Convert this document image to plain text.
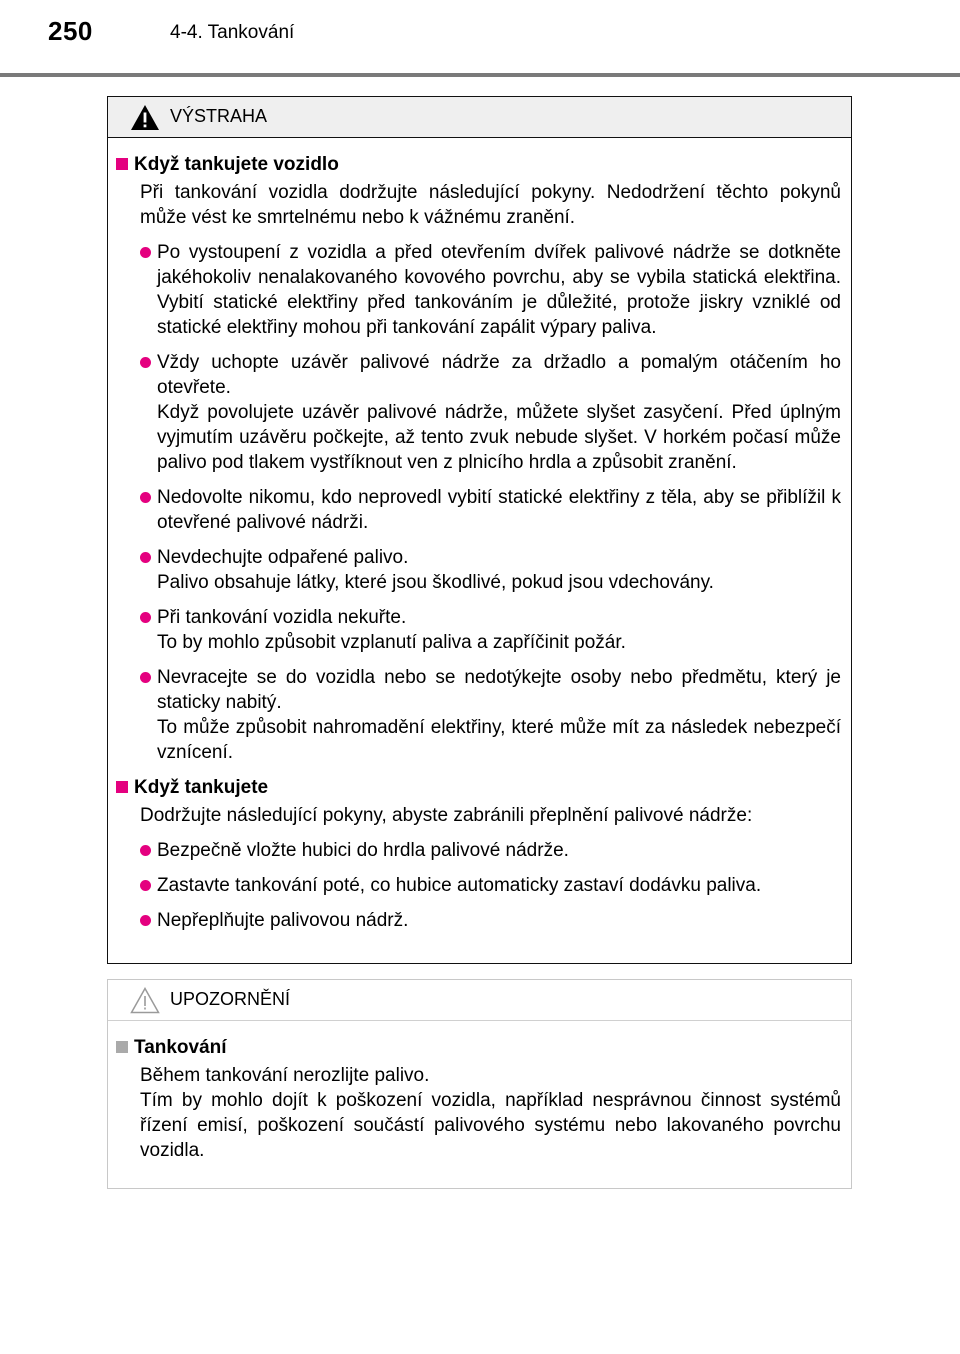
250	4-4. Tankování
VÝSTRAHA
Když tankujete vozidlo
Při tankování vozidla dodržujte následující pokyny. Nedodržení těchto pokynů může vést ke smrtelnému nebo k vážnému zranění.
Po vystoupení z vozidla a před otevřením dvířek palivové nádrže se dotkněte jakéhokoliv nenalakovaného kovového povrchu, aby se vybila statická elektřina. Vybití statické elektřiny před tankováním je důležité, protože jiskry vzniklé od statické elektřiny mohou při tankování zapálit výpary paliva.
Vždy uchopte uzávěr palivové nádrže za držadlo a pomalým otáčením ho otevřete.
Když povolujete uzávěr palivové nádrže, můžete slyšet zasyčení. Před úplným vyjmutím uzávěru počkejte, až tento zvuk nebude slyšet. V horkém počasí může palivo pod tlakem vystříknout ven z plnicího hrdla a způsobit zranění.
Nedovolte nikomu, kdo neprovedl vybití statické elektřiny z těla, aby se přiblížil k otevřené palivové nádrži.
Nevdechujte odpařené palivo.
Palivo obsahuje látky, které jsou škodlivé, pokud jsou vdechovány.
Při tankování vozidla nekuřte.
To by mohlo způsobit vzplanutí paliva a zapříčinit požár.
Nevracejte se do vozidla nebo se nedotýkejte osoby nebo předmětu, který je staticky nabitý.
To může způsobit nahromadění elektřiny, které může mít za následek nebezpečí vznícení.
Když tankujete
Dodržujte následující pokyny, abyste zabránili přeplnění palivové nádrže:
Bezpečně vložte hubici do hrdla palivové nádrže.
Zastavte tankování poté, co hubice automaticky zastaví dodávku paliva.
Nepřeplňujte palivovou nádrž.
UPOZORNĚNÍ
Tankování
Během tankování nerozlijte palivo.
Tím by mohlo dojít k poškození vozidla, například nesprávnou činnost systémů řízení emisí, poškození součástí palivového systému nebo lakovaného povrchu vozidla.
